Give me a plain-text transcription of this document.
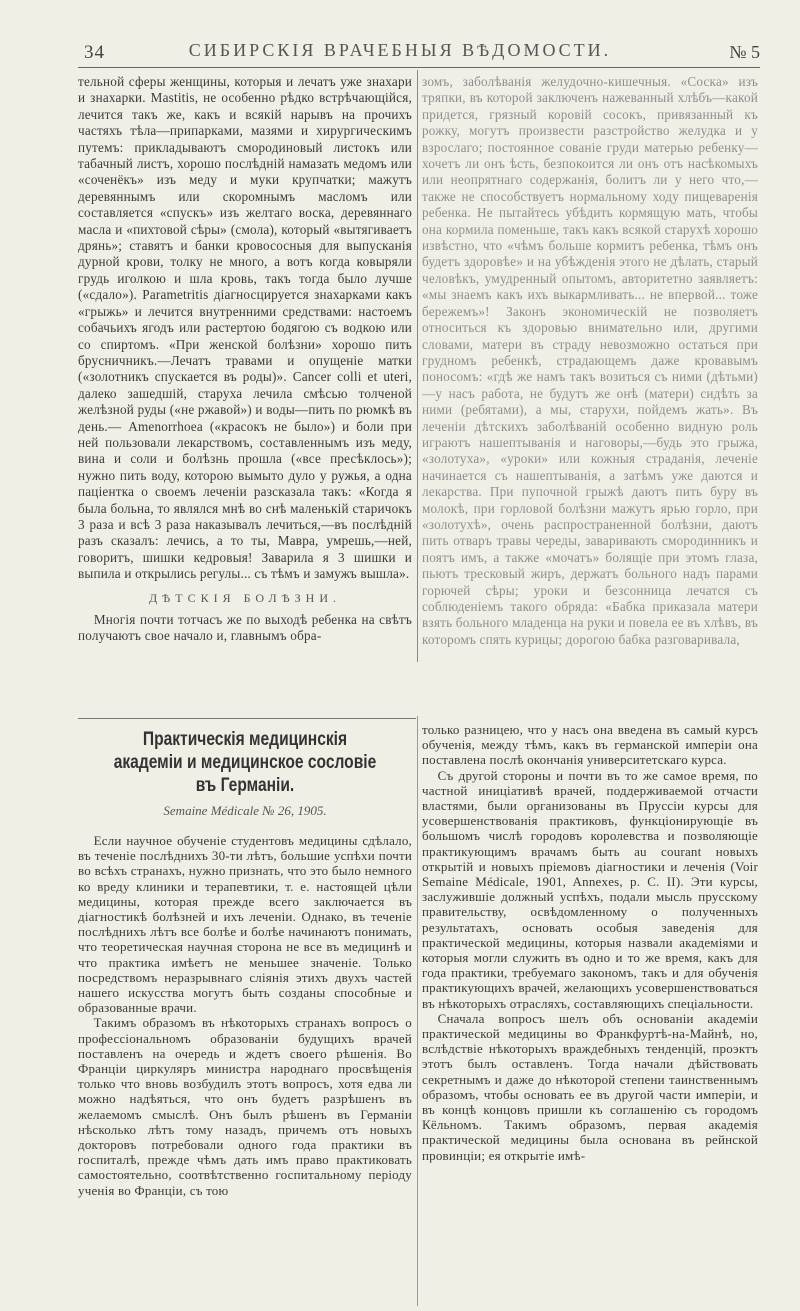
34	СИБИРСКІЯ ВРАЧЕБНЫЯ ВѢДОМОСТИ.	№ 5

тельной сферы женщины, которыя и лечатъ уже знахари и знахарки. Mastitis, не особенно рѣдко встрѣчающійся, лечится такъ же, какъ и всякій нарывъ на прочихъ частяхъ тѣла—припарками, мазями и хирургическимъ путемъ: прикладываютъ смородиновый листокъ или табачный листъ, хорошо послѣдній намазать медомъ или «соченёкъ» изъ меду и муки крупчатки; мажутъ деревяннымъ или скоромнымъ масломъ или составляется «спускъ» изъ желтаго воска, деревяннаго масла и «пихтовой сѣры» (смола), который «вытягиваетъ дрянь»; ставятъ и банки кровососныя для выпусканія дурной крови, толку не много, а вотъ когда ковыряли грудь иголкою и шла кровь, такъ тогда было лучше («сдало»). Parametritis діагносцируется знахарками какъ «грыжь» и лечится внутренними средствами: настоемъ собачьихъ ягодъ или растертою бодягою съ водкою или со спиртомъ. «При женской болѣзни» хорошо пить брусничникъ.—Лечатъ травами и опущеніе матки («золотникъ спускается въ роды)». Cancer colli et uteri, далеко зашедшій, старуха лечила смѣсью толченой желѣзной руды («не ржавой») и воды—пить по рюмкѣ въ день.— Amenorrhoea («красокъ не было») и боли при ней пользовали лекарствомъ, составленнымъ изъ меду, вина и соли и болѣзнь прошла («все пресѣклось»); нужно пить воду, которою вымыто дуло у ружья, а одна паціентка о своемъ леченіи разсказала такъ: «Когда я была больна, то являлся мнѣ во снѣ маленькій старичокъ 3 раза и всѣ 3 раза наказывалъ лечиться,—въ послѣдній разъ сказалъ: лечись, а то ты, Мавра, умрешь,—ней, говоритъ, шишки кедровыя! Заварила я 3 шишки и выпила и открылись регулы... съ тѣмъ и замужъ вышла».

ДѢТСКІЯ БОЛѢЗНИ.

Многія почти тотчасъ же по выходѣ ребенка на свѣтъ получаютъ свое начало и, главнымъ обра-

зомъ, заболѣванія желудочно-кишечныя. «Соска» изъ тряпки, въ которой заключенъ нажеванный хлѣбъ—какой придется, грязный коровій сосокъ, привязанный къ рожку, могутъ произвести разстройство желудка и у взрослаго; постоянное сованіе груди матерью ребенку—хочетъ ли онъ ѣсть, безпокоится ли онъ отъ насѣкомыхъ или неопрятнаго содержанія, болитъ ли у него что,—также не способствуетъ нормальному ходу пищеваренія ребенка. Не пытайтесь убѣдить кормящую мать, чтобы она кормила поменьше, такъ какъ всякой старухѣ хорошо извѣстно, что «чѣмъ больше кормитъ ребенка, тѣмъ онъ будетъ здоровѣе» и на убѣжденія этого не дѣлать, старый человѣкъ, умудренный опытомъ, авторитетно заявляетъ: «мы знаемъ какъ ихъ выкармливать... не впервой... тоже бережемъ»! Законъ экономическій не позволяетъ относиться къ здоровью внимательно или, другими словами, матери въ страду невозможно остаться при грудномъ ребенкѣ, страдающемъ даже кровавымъ поносомъ: «гдѣ же намъ такъ возиться съ ними (дѣтьми)—у насъ работа, не будутъ же онѣ (матери) сидѣть за ними (ребятами), а мы, старухи, пойдемъ жать». Въ леченіи дѣтскихъ заболѣваній особенно видную роль играютъ нашептыванія и наговоры,—будь это грыжа, «золотуха», «уроки» или кожныя страданія, леченіе начинается съ нашептыванія, а затѣмъ уже даются и лекарства. При пупочной грыжѣ даютъ пить буру въ молокѣ, при горловой болѣзни мажутъ ярью горло, при «золотухѣ», очень распространенной болѣзни, даютъ пить отваръ травы череды, заваривають смородинникъ и поятъ имъ, а также «мочатъ» болящіе при этомъ глаза, пьютъ тресковый жиръ, держатъ больного надъ парами горючей сѣры; уроки и безсонница лечатся съ соблюденіемъ такого обряда: «Бабка приказала матери взять больного младенца на руки и повела ее въ хлѣвъ, въ которомъ спять курицы; дорогою бабка разговаривала,

Практическія медицинскія академіи и медицинское сословіе въ Германіи.
Semaine Médicale № 26, 1905.

Если научное обученіе студентовъ медицины сдѣлало, въ теченіе послѣднихъ 30-ти лѣтъ, большие успѣхи почти во всѣхъ странахъ, нужно признать, что это было немного ко вреду клиники и терапевтики, т. е. настоящей цѣли медицины, которая прежде всего заключается въ діагностикѣ болѣзней и ихъ леченіи. Однако, въ теченіе послѣднихъ лѣтъ все болѣе и болѣе начинаютъ понимать, что теоретическая научная сторона не все въ медицинѣ и что практика имѣетъ не меньшее значеніе. Только посредствомъ неразрывнаго сліянія этихъ двухъ частей нашего искусства могутъ быть созданы способные и образованные врачи.

Такимъ образомъ въ нѣкоторыхъ странахъ вопросъ о профессіональномъ образованіи будущихъ врачей поставленъ на очередь и ждетъ своего рѣшенія. Во Франціи циркуляръ министра народнаго просвѣщенія только что вновь возбудилъ этотъ вопросъ, хотя едва ли можно надѣяться, что онъ будетъ разрѣшенъ въ желаемомъ смыслѣ. Онъ былъ рѣшенъ въ Германіи нѣсколько лѣтъ тому назадъ, причемъ отъ новыхъ докторовъ потребовали одного года практики въ госпиталѣ, прежде чѣмъ дать имъ право практиковать самостоятельно, соотвѣтственно госпитальному періоду ученія во Франціи, съ тою

только разницею, что у насъ она введена въ самый курсъ обученія, между тѣмъ, какъ въ германской имперіи она поставлена послѣ окончанія университетскаго курса.

Съ другой стороны и почти въ то же самое время, по частной иниціативѣ врачей, поддерживаемой отчасти властями, были организованы въ Пруссіи курсы для усовершенствованія практиковъ, функціонирующіе въ большомъ числѣ городовъ королевства и позволяющіе практикующимъ врачамъ быть au courant новыхъ открытій и новыхъ пріемовъ діагностики и леченія (Voir Semaine Médicale, 1901, Annexes, p. C. II). Эти курсы, заслужившіе должный успѣхъ, подали мысль прусскому правительству, освѣдомленному о полученныхъ результатахъ, основать особыя заведенія для практической медицины, которыя назвали академіями и которыя могли служить въ одно и то же время, какъ для года практики, требуемаго закономъ, такъ и для обученія практикующихъ врачей, желающихъ усовершенствоваться въ нѣкоторыхъ отрасляхъ, составляющихъ спеціальности.

Сначала вопросъ шелъ объ основаніи академіи практической медицины во Франкфуртѣ-на-Майнѣ, но, вслѣдствіе нѣкоторыхъ враждебныхъ тенденцій, проэктъ этотъ былъ оставленъ. Тогда начали дѣйствовать секретнымъ и даже до нѣкоторой степени таинственнымъ образомъ, чтобы основать ее въ другой части имперіи, и въ концѣ концовъ пришли къ соглашенію съ городомъ Кёльномъ. Такимъ образомъ, первая академія практической медицины была основана въ рейнской провинціи; ея открытіе имѣ-
